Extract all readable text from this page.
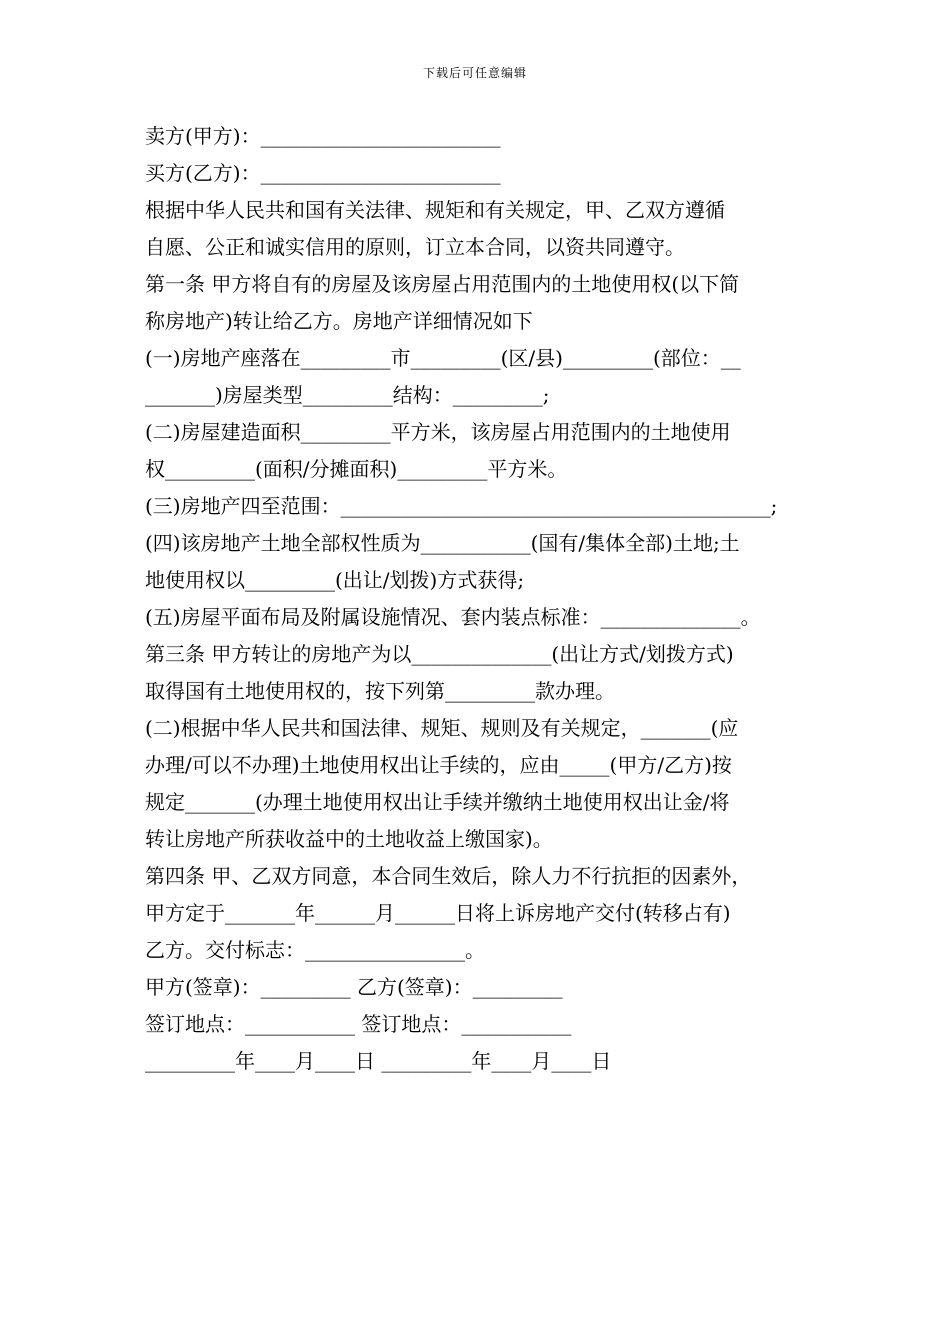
下载后可任意编辑
卖方(甲方)：________________________
买方(乙方)：________________________
根据中华人民共和国有关法律、规矩和有关规定，甲、乙双方遵循
自愿、公正和诚实信用的原则，订立本合同，以资共同遵守。
第一条 甲方将自有的房屋及该房屋占用范围内的土地使用权(以下简
称房地产)转让给乙方。房地产详细情况如下
(一)房地产座落在_________市_________(区/县)_________(部位：__
_______)房屋类型_________结构：_________;
(二)房屋建造面积_________平方米，该房屋占用范围内的土地使用
权_________(面积/分摊面积)_________平方米。
(三)房地产四至范围：___________________________________________;
(四)该房地产土地全部权性质为___________(国有/集体全部)土地;土
地使用权以_________(出让/划拨)方式获得;
(五)房屋平面布局及附属设施情况、套内装点标准：______________。
第三条 甲方转让的房地产为以______________(出让方式/划拨方式)
取得国有土地使用权的，按下列第_________款办理。
(二)根据中华人民共和国法律、规矩、规则及有关规定，_______(应
办理/可以不办理)土地使用权出让手续的，应由_____(甲方/乙方)按
规定_______(办理土地使用权出让手续并缴纳土地使用权出让金/将
转让房地产所获收益中的土地收益上缴国家)。
第四条 甲、乙双方同意，本合同生效后，除人力不行抗拒的因素外，
甲方定于_______年______月______日将上诉房地产交付(转移占有)
乙方。交付标志：________________。
甲方(签章)：_________ 乙方(签章)：_________
签订地点：___________ 签订地点：___________
_________年____月____日 _________年____月____日
